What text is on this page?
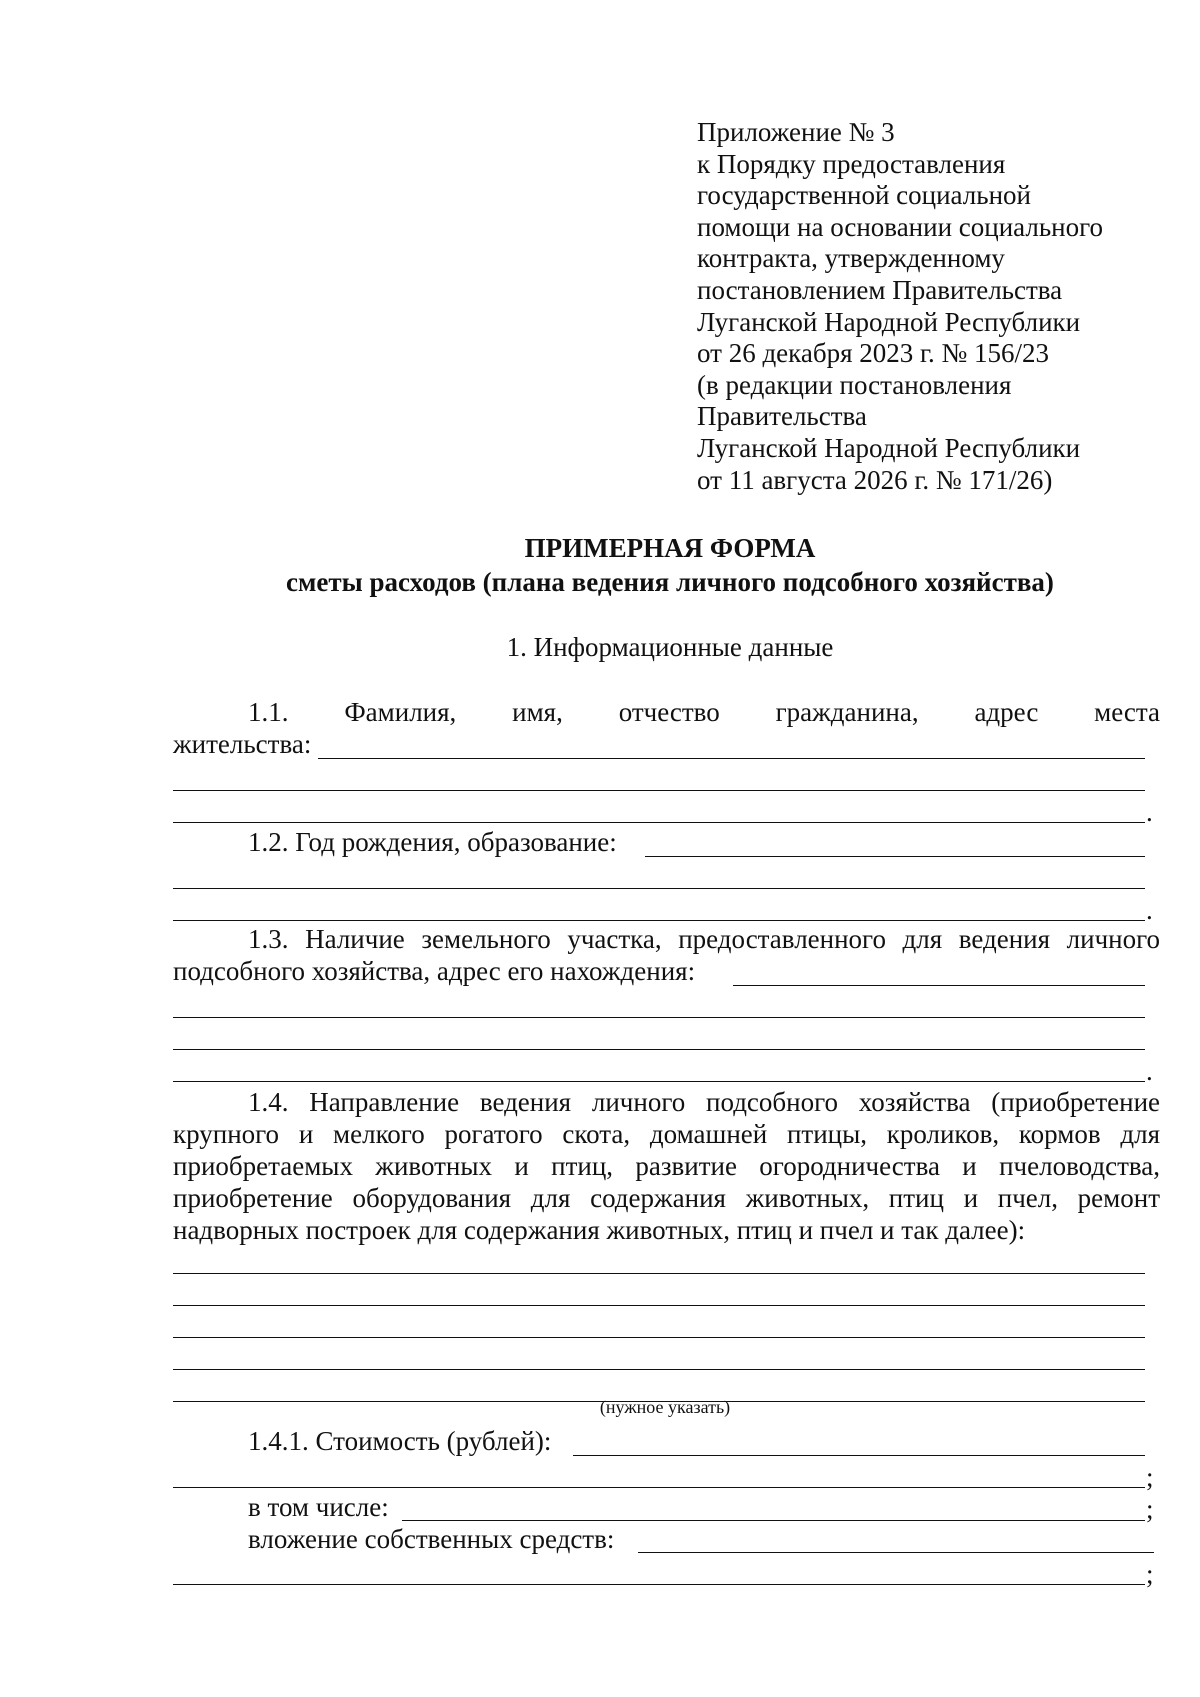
Приложение № 3
к Порядку предоставления
государственной социальной
помощи на основании социального
контракта, утвержденному
постановлением Правительства
Луганской Народной Республики
от 26 декабря 2023 г. № 156/23
(в редакции постановления
Правительства
Луганской Народной Республики
от 11 августа 2026 г. № 171/26)
ПРИМЕРНАЯ ФОРМА
сметы расходов (плана ведения личного подсобного хозяйства)
1. Информационные данные
1.1. Фамилия, имя, отчество гражданина, адрес места
жительства:
.
1.2. Год рождения, образование:
.
1.3. Наличие земельного участка, предоставленного для ведения личного
подсобного хозяйства, адрес его нахождения:
.
1.4. Направление ведения личного подсобного хозяйства (приобретение
крупного и мелкого рогатого скота, домашней птицы, кроликов, кормов для
приобретаемых животных и птиц, развитие огородничества и пчеловодства,
приобретение оборудования для содержания животных, птиц и пчел, ремонт
надворных построек для содержания животных, птиц и пчел и так далее):
(нужное указать)
1.4.1. Стоимость (рублей):
;
в том числе:	;
вложение собственных средств:
;
